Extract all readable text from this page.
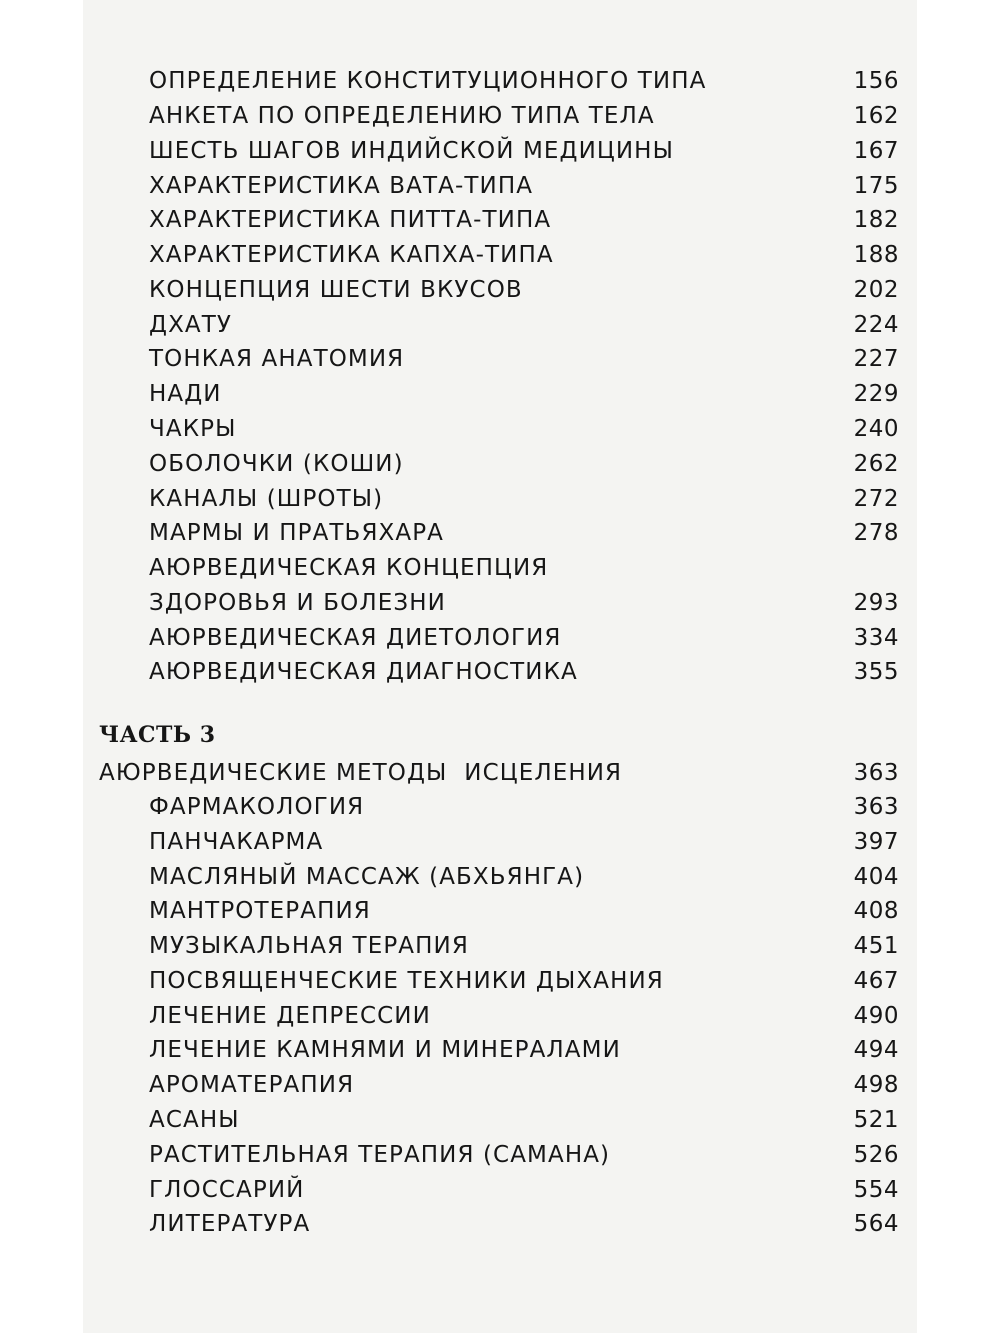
ОПРЕДЕЛЕНИЕ КОНСТИТУЦИОННОГО ТИПА	156
АНКЕТА ПО ОПРЕДЕЛЕНИЮ ТИПА ТЕЛА	162
ШЕСТЬ ШАГОВ ИНДИЙСКОЙ МЕДИЦИНЫ	167
ХАРАКТЕРИСТИКА ВАТА-ТИПА	175
ХАРАКТЕРИСТИКА ПИТТА-ТИПА	182
ХАРАКТЕРИСТИКА КАПХА-ТИПА	188
КОНЦЕПЦИЯ ШЕСТИ ВКУСОВ	202
ДХАТУ	224
ТОНКАЯ АНАТОМИЯ	227
НАДИ	229
ЧАКРЫ	240
ОБОЛОЧКИ (КОШИ)	262
КАНАЛЫ (ШРОТЫ)	272
МАРМЫ И ПРАТЬЯХАРА	278
АЮРВЕДИЧЕСКАЯ КОНЦЕПЦИЯ
ЗДОРОВЬЯ И БОЛЕЗНИ	293
АЮРВЕДИЧЕСКАЯ ДИЕТОЛОГИЯ	334
АЮРВЕДИЧЕСКАЯ ДИАГНОСТИКА	355
ЧАСТЬ 3
АЮРВЕДИЧЕСКИЕ МЕТОДЫ  ИСЦЕЛЕНИЯ	363
ФАРМАКОЛОГИЯ	363
ПАНЧАКАРМА	397
МАСЛЯНЫЙ МАССАЖ (АБХЬЯНГА)	404
МАНТРОТЕРАПИЯ	408
МУЗЫКАЛЬНАЯ ТЕРАПИЯ	451
ПОСВЯЩЕНЧЕСКИЕ ТЕХНИКИ ДЫХАНИЯ	467
ЛЕЧЕНИЕ ДЕПРЕССИИ	490
ЛЕЧЕНИЕ КАМНЯМИ И МИНЕРАЛАМИ	494
АРОМАТЕРАПИЯ	498
АСАНЫ	521
РАСТИТЕЛЬНАЯ ТЕРАПИЯ (САМАНА)	526
ГЛОССАРИЙ	554
ЛИТЕРАТУРА	564
